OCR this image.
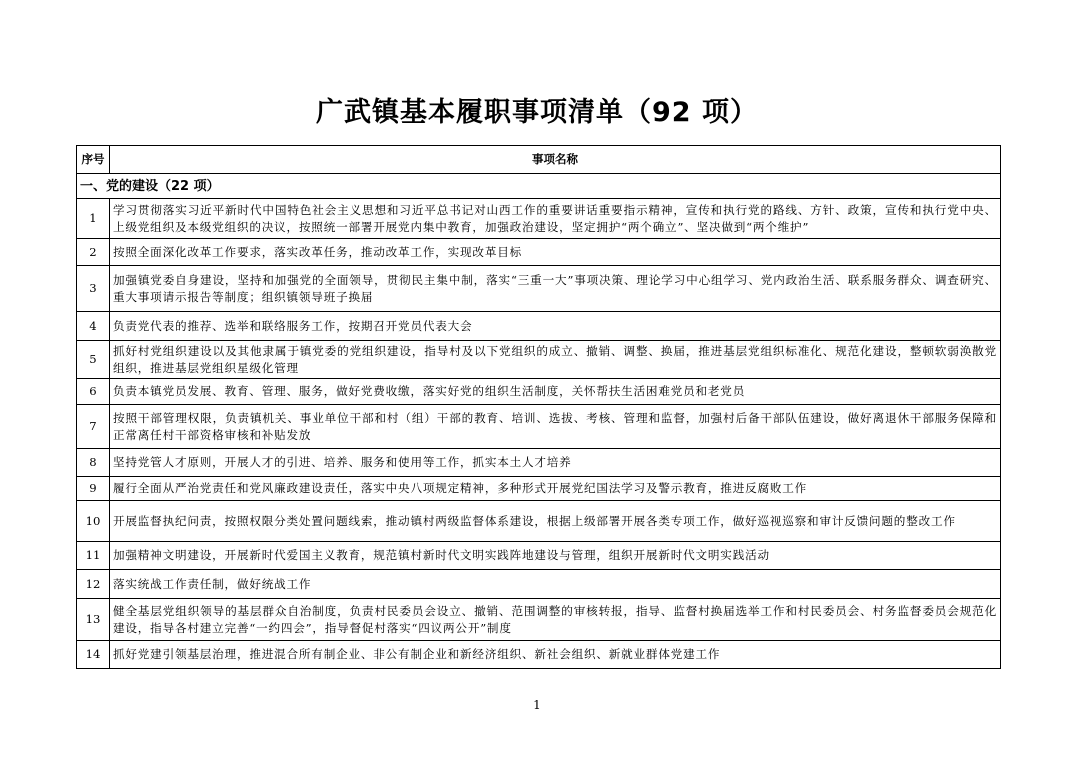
广武镇基本履职事项清单（92 项）
序号	事项名称
一、党的建设（22 项）	
1	学习贯彻落实习近平新时代中国特色社会主义思想和习近平总书记对山西工作的重要讲话重要指示精神，宣传和执行党的路线、方针、政策，宣传和执行党中央、上级党组织及本级党组织的决议，按照统一部署开展党内集中教育，加强政治建设，坚定拥护“两个确立”、坚决做到“两个维护”
2	按照全面深化改革工作要求，落实改革任务，推动改革工作，实现改革目标
3	加强镇党委自身建设，坚持和加强党的全面领导，贯彻民主集中制，落实“三重一大”事项决策、理论学习中心组学习、党内政治生活、联系服务群众、调查研究、重大事项请示报告等制度；组织镇领导班子换届
4	负责党代表的推荐、选举和联络服务工作，按期召开党员代表大会
5	抓好村党组织建设以及其他隶属于镇党委的党组织建设，指导村及以下党组织的成立、撤销、调整、换届，推进基层党组织标准化、规范化建设，整顿软弱涣散党组织，推进基层党组织星级化管理
6	负责本镇党员发展、教育、管理、服务，做好党费收缴，落实好党的组织生活制度，关怀帮扶生活困难党员和老党员
7	按照干部管理权限，负责镇机关、事业单位干部和村（组）干部的教育、培训、选拔、考核、管理和监督，加强村后备干部队伍建设，做好离退休干部服务保障和正常离任村干部资格审核和补贴发放
8	坚持党管人才原则，开展人才的引进、培养、服务和使用等工作，抓实本土人才培养
9	履行全面从严治党责任和党风廉政建设责任，落实中央八项规定精神，多种形式开展党纪国法学习及警示教育，推进反腐败工作
10	开展监督执纪问责，按照权限分类处置问题线索，推动镇村两级监督体系建设，根据上级部署开展各类专项工作，做好巡视巡察和审计反馈问题的整改工作
11	加强精神文明建设，开展新时代爱国主义教育，规范镇村新时代文明实践阵地建设与管理，组织开展新时代文明实践活动
12	落实统战工作责任制，做好统战工作
13	健全基层党组织领导的基层群众自治制度，负责村民委员会设立、撤销、范围调整的审核转报，指导、监督村换届选举工作和村民委员会、村务监督委员会规范化建设，指导各村建立完善“一约四会”，指导督促村落实“四议两公开”制度
14	抓好党建引领基层治理，推进混合所有制企业、非公有制企业和新经济组织、新社会组织、新就业群体党建工作
1
